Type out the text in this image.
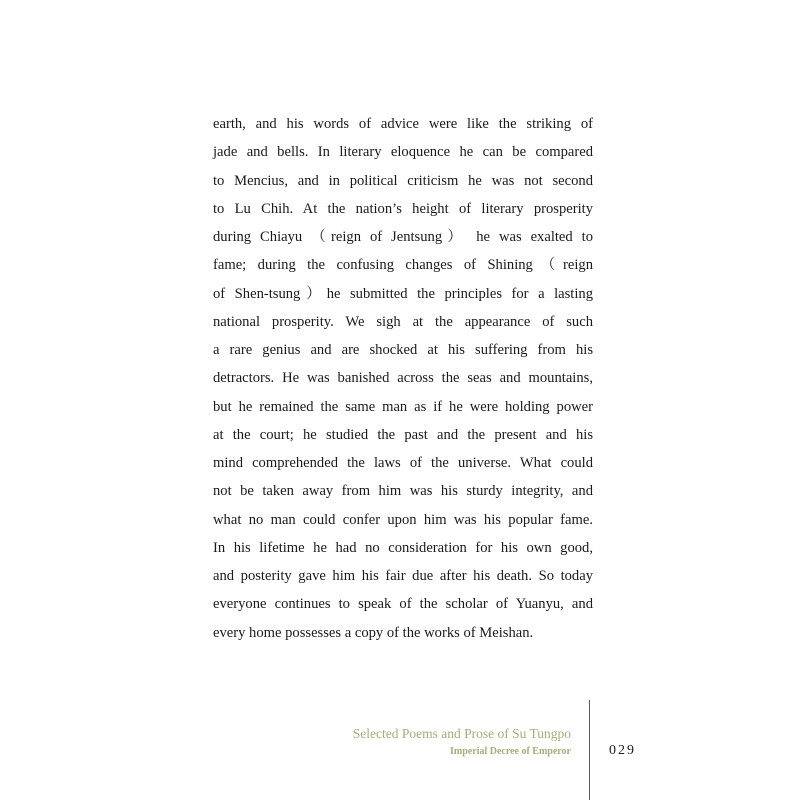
earth, and his words of advice were like the striking of
jade and bells. In literary eloquence he can be compared
to Mencius, and in political criticism he was not second
to Lu Chih. At the nation’s height of literary prosperity
during Chiayu （reign of Jentsung） he was exalted to
fame; during the confusing changes of Shining（reign
of Shen-tsung）he submitted the principles for a lasting
national prosperity. We sigh at the appearance of such
a rare genius and are shocked at his suffering from his
detractors. He was banished across the seas and mountains,
but he remained the same man as if he were holding power
at the court; he studied the past and the present and his
mind comprehended the laws of the universe. What could
not be taken away from him was his sturdy integrity, and
what no man could confer upon him was his popular fame.
In his lifetime he had no consideration for his own good,
and posterity gave him his fair due after his death. So today
everyone continues to speak of the scholar of Yuanyu, and
every home possesses a copy of the works of Meishan.

Selected Poems and Prose of Su Tungpo

Imperial Decree of Emperor	029
